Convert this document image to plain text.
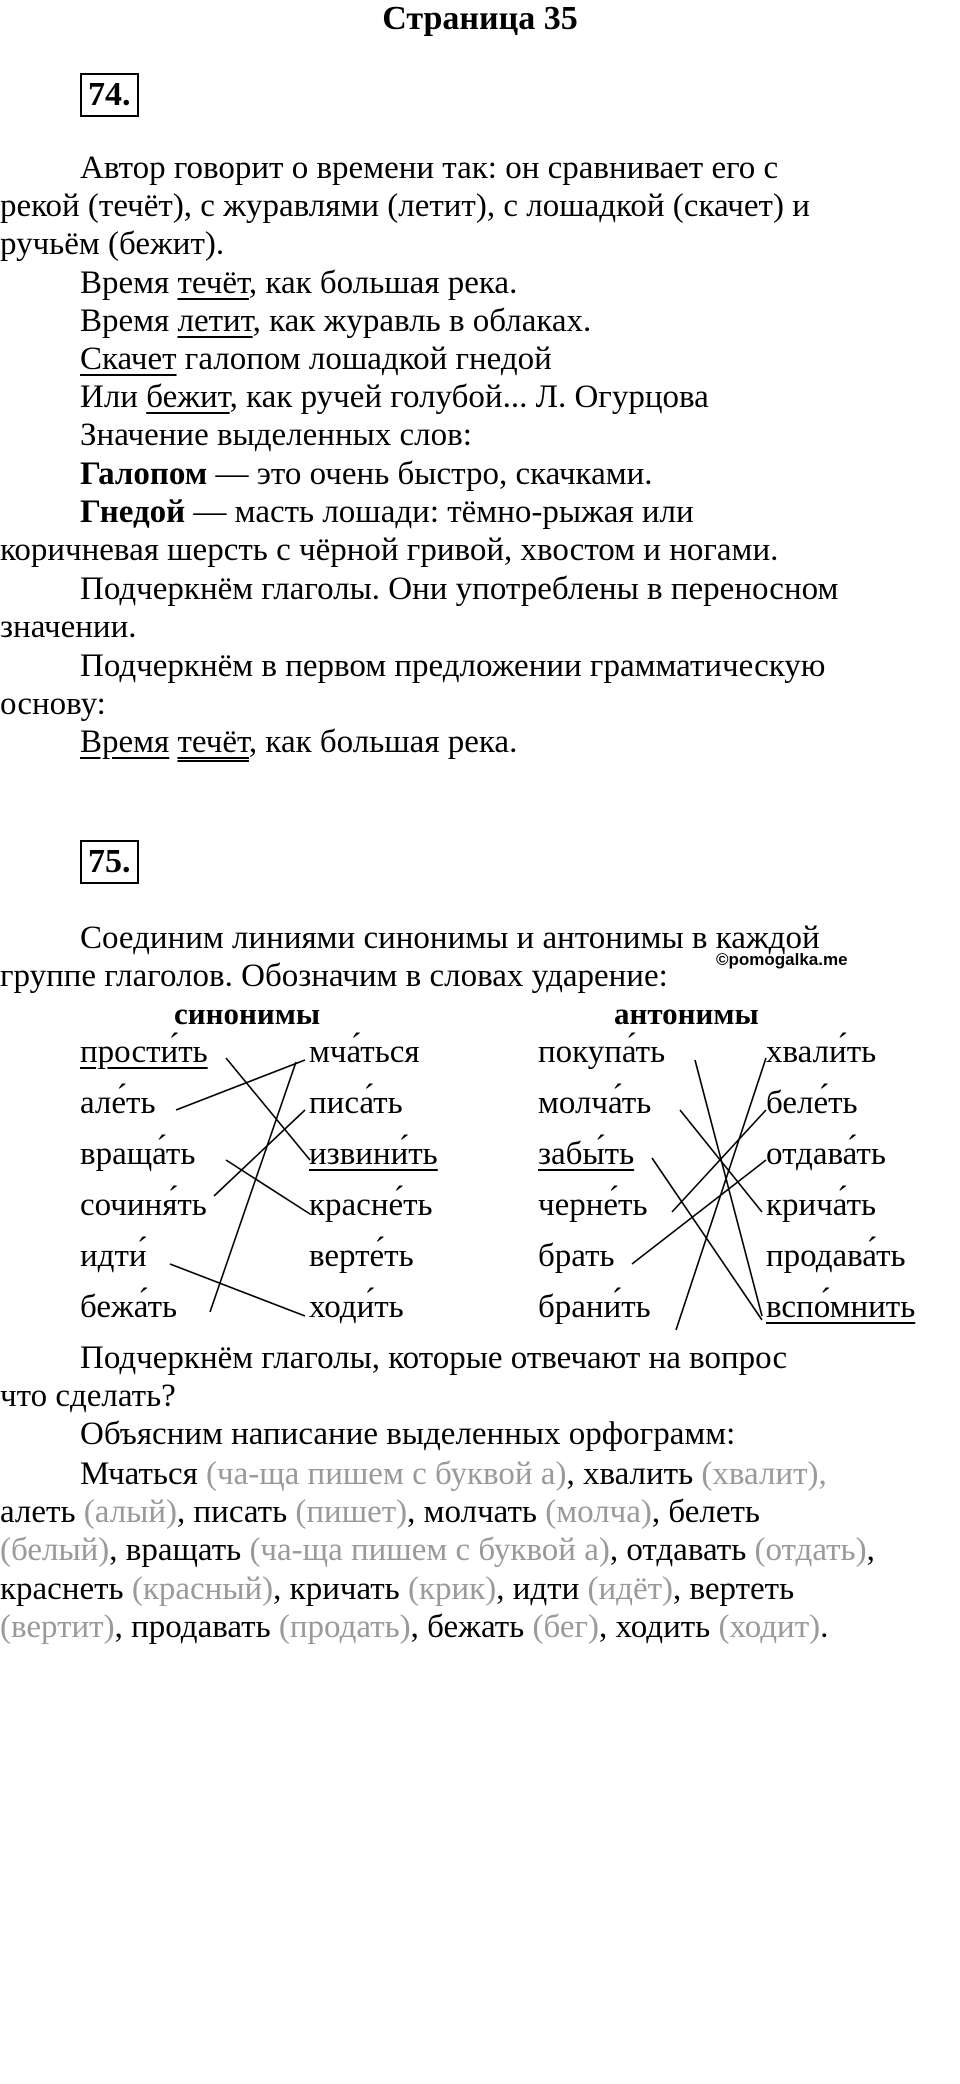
Страница 35
74.
Автор говорит о времени так: он сравнивает его с
рекой (течёт), с журавлями (летит), с лошадкой (скачет) и
ручьём (бежит).
Время течёт, как большая река.
Время летит, как журавль в облаках.
Скачет галопом лошадкой гнедой
Или бежит, как ручей голубой... Л. Огурцова
Значение выделенных слов:
Галопом — это очень быстро, скачками.
Гнедой — масть лошади: тёмно-рыжая или
коричневая шерсть с чёрной гривой, хвостом и ногами.
Подчеркнём глаголы. Они употреблены в переносном
значении.
Подчеркнём в первом предложении грамматическую
основу:
Время течёт, как большая река.
75.
Соединим линиями синонимы и антонимы в каждой
группе глаголов. Обозначим в словах ударение:	©pomogalka.me
синонимы	антонимы
прости́ть
але́ть
враща́ть
сочиня́ть
идти́
бежа́ть
мча́ться
писа́ть
извини́ть
красне́ть
верте́ть
ходи́ть
покупа́ть
молча́ть
забы́ть
черне́ть
брать
брани́ть
хвали́ть
беле́ть
отдава́ть
крича́ть
продава́ть
вспо́мнить
Подчеркнём глаголы, которые отвечают на вопрос
что сделать?
Объясним написание выделенных орфограмм:
Мчаться (ча-ща пишем с буквой а), хвалить (хвалит),
алеть (алый), писать (пишет), молчать (молча), белеть
(белый), вращать (ча-ща пишем с буквой а), отдавать (отдать),
краснеть (красный), кричать (крик), идти (идёт), вертеть
(вертит), продавать (продать), бежать (бег), ходить (ходит).
